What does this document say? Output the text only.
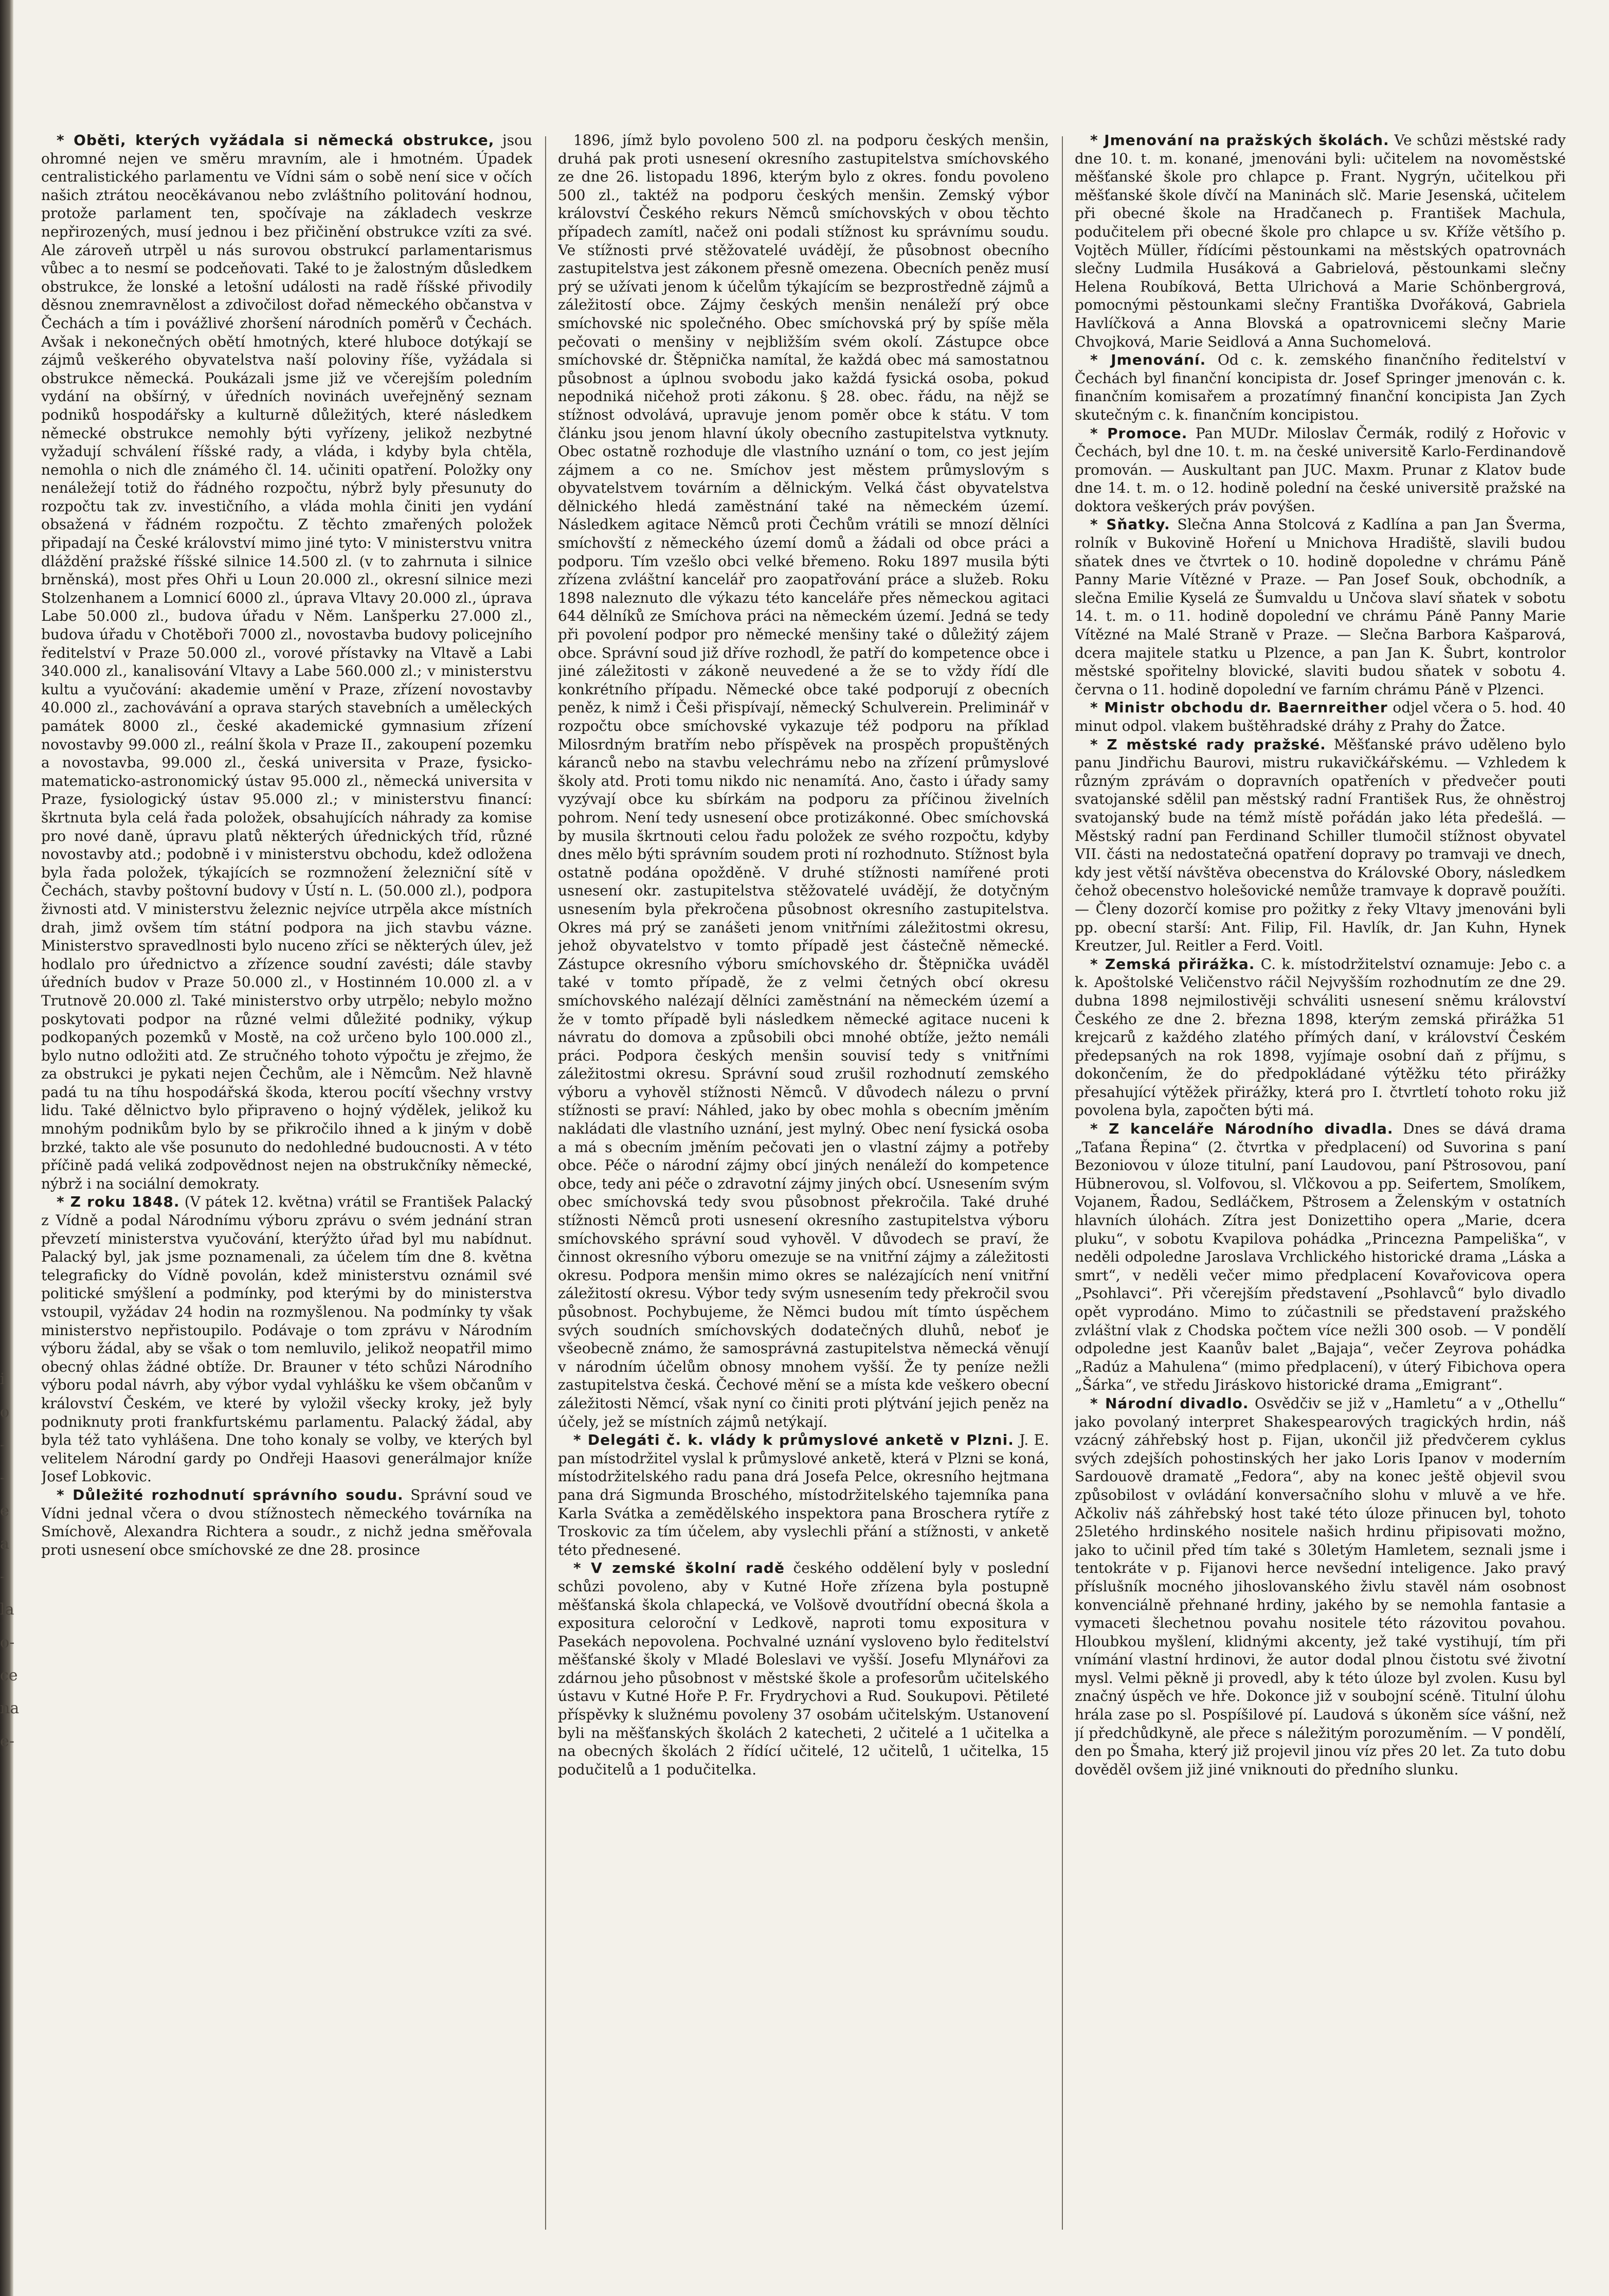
i
o
-
-
e
a
-
la
o-
ce
na
e-

* Oběti, kterých vyžádala si německá obstrukce, jsou ohromné nejen ve směru mravním, ale i hmotném. Úpadek centralistického parlamentu ve Vídni sám o sobě není sice v očích našich ztrátou neocěkávanou nebo zvláštního politování hodnou, protože parlament ten, spočívaje na základech veskrze nepřirozených, musí jednou i bez přičinění obstrukce vzíti za své. Ale zároveň utrpěl u nás surovou obstrukcí parlamentarismus vůbec a to nesmí se podceňovati. Také to je žalostným důsledkem obstrukce, že lonské a letošní události na radě říšské přivodily děsnou znemravnělost a zdivočilost dořad německého občanstva v Čechách a tím i povážlivé zhoršení národních poměrů v Čechách. Avšak i nekonečných obětí hmotných, které hluboce dotýkají se zájmů veškerého obyvatelstva naší poloviny říše, vyžádala si obstrukce německá. Poukázali jsme již ve včerejším poledním vydání na obšírný, v úředních novinách uveřejněný seznam podniků hospodářsky a kulturně důležitých, které následkem německé obstrukce nemohly býti vyřízeny, jelikož nezbytné vyžadují schválení říšské rady, a vláda, i kdyby byla chtěla, nemohla o nich dle známého čl. 14. učiniti opatření. Položky ony nenáležejí totiž do řádného rozpočtu, nýbrž byly přesunuty do rozpočtu tak zv. investičního, a vláda mohla činiti jen vydání obsažená v řádném rozpočtu. Z těchto zmařených položek připadají na České království mimo jiné tyto: V ministerstvu vnitra dláždění pražské říšské silnice 14.500 zl. (v to zahrnuta i silnice brněnská), most přes Ohři u Loun 20.000 zl., okresní silnice mezi Stolzenhanem a Lomnicí 6000 zl., úprava Vltavy 20.000 zl., úprava Labe 50.000 zl., budova úřadu v Něm. Lanšperku 27.000 zl., budova úřadu v Chotěboři 7000 zl., novostavba budovy policejního ředitelství v Praze 50.000 zl., vorové přístavky na Vltavě a Labi 340.000 zl., kanalisování Vltavy a Labe 560.000 zl.; v ministerstvu kultu a vyučování: akademie umění v Praze, zřízení novostavby 40.000 zl., zachovávání a oprava starých stavebních a uměleckých památek 8000 zl., české akademické gymnasium zřízení novostavby 99.000 zl., reální škola v Praze II., zakoupení pozemku a novostavba, 99.000 zl., česká universita v Praze, fysicko-matematicko-astronomický ústav 95.000 zl., německá universita v Praze, fysiologický ústav 95.000 zl.; v ministerstvu financí: škrtnuta byla celá řada položek, obsahujících náhrady za komise pro nové daně, úpravu platů některých úřednických tříd, různé novostavby atd.; podobně i v ministerstvu obchodu, kdež odložena byla řada položek, týkajících se rozmnožení železniční sítě v Čechách, stavby poštovní budovy v Ústí n. L. (50.000 zl.), podpora živnosti atd. V ministerstvu železnic nejvíce utrpěla akce místních drah, jimž ovšem tím státní podpora na jich stavbu vázne. Ministerstvo spravedlnosti bylo nuceno zříci se některých úlev, jež hodlalo pro úřednictvo a zřízence soudní zavésti; dále stavby úředních budov v Praze 50.000 zl., v Hostinném 10.000 zl. a v Trutnově 20.000 zl. Také ministerstvo orby utrpělo; nebylo možno poskytovati podpor na různé velmi důležité podniky, výkup podkopaných pozemků v Mostě, na což určeno bylo 100.000 zl., bylo nutno odložiti atd. Ze stručného tohoto výpočtu je zřejmo, že za obstrukci je pykati nejen Čechům, ale i Němcům. Než hlavně padá tu na tíhu hospodářská škoda, kterou pocítí všechny vrstvy lidu. Také dělnictvo bylo připraveno o hojný výdělek, jelikož ku mnohým podnikům bylo by se přikročilo ihned a k jiným v době brzké, takto ale vše posunuto do nedohledné budoucnosti. A v této příčině padá veliká zodpovědnost nejen na obstrukčníky německé, nýbrž i na sociální demokraty.

* Z roku 1848. (V pátek 12. května) vrátil se František Palacký z Vídně a podal Národnímu výboru zprávu o svém jednání stran převzetí ministerstva vyučování, kterýžto úřad byl mu nabídnut. Palacký byl, jak jsme poznamenali, za účelem tím dne 8. května telegraficky do Vídně povolán, kdež ministerstvu oznámil své politické smýšlení a podmínky, pod kterými by do ministerstva vstoupil, vyžádav 24 hodin na rozmyšlenou. Na podmínky ty však ministerstvo nepřistoupilo. Podávaje o tom zprávu v Národním výboru žádal, aby se však o tom nemluvilo, jelikož neopatřil mimo obecný ohlas žádné obtíže. Dr. Brauner v této schůzi Národního výboru podal návrh, aby výbor vydal vyhlášku ke všem občanům v království Českém, ve které by vyložil všecky kroky, jež byly podniknuty proti frankfurtskému parlamentu. Palacký žádal, aby byla též tato vyhlášena. Dne toho konaly se volby, ve kterých byl velitelem Národní gardy po Ondřeji Haasovi generálmajor kníže Josef Lobkovic.

* Důležité rozhodnutí správního soudu. Správní soud ve Vídni jednal včera o dvou stížnostech německého továrníka na Smíchově, Alexandra Richtera a soudr., z nichž jedna směřovala proti usnesení obce smíchovské ze dne 28. prosince

1896, jímž bylo povoleno 500 zl. na podporu českých menšin, druhá pak proti usnesení okresního zastupitelstva smíchovského ze dne 26. listopadu 1896, kterým bylo z okres. fondu povoleno 500 zl., taktéž na podporu českých menšin. Zemský výbor království Českého rekurs Němců smíchovských v obou těchto případech zamítl, načež oni podali stížnost ku správnímu soudu. Ve stížnosti prvé stěžovatelé uvádějí, že působnost obecního zastupitelstva jest zákonem přesně omezena. Obecních peněz musí prý se užívati jenom k účelům týkajícím se bezprostředně zájmů a záležitostí obce. Zájmy českých menšin nenáleží prý obce smíchovské nic společného. Obec smíchovská prý by spíše měla pečovati o menšiny v nejbližším svém okolí. Zástupce obce smíchovské dr. Štěpnička namítal, že každá obec má samostatnou působnost a úplnou svobodu jako každá fysická osoba, pokud nepodniká ničehož proti zákonu. § 28. obec. řádu, na nějž se stížnost odvolává, upravuje jenom poměr obce k státu. V tom článku jsou jenom hlavní úkoly obecního zastupitelstva vytknuty. Obec ostatně rozhoduje dle vlastního uznání o tom, co jest jejím zájmem a co ne. Smíchov jest městem průmyslovým s obyvatelstvem továrním a dělnickým. Velká část obyvatelstva dělnického hledá zaměstnání také na německém území. Následkem agitace Němců proti Čechům vrátili se mnozí dělníci smíchovští z německého území domů a žádali od obce práci a podporu. Tím vzešlo obci velké břemeno. Roku 1897 musila býti zřízena zvláštní kancelář pro zaopatřování práce a služeb. Roku 1898 naleznuto dle výkazu této kanceláře přes německou agitaci 644 dělníků ze Smíchova práci na německém území. Jedná se tedy při povolení podpor pro německé menšiny také o důležitý zájem obce. Správní soud již dříve rozhodl, že patří do kompetence obce i jiné záležitosti v zákoně neuvedené a že se to vždy řídí dle konkrétního případu. Německé obce také podporují z obecních peněz, k nimž i Češi přispívají, německý Schulverein. Preliminář v rozpočtu obce smíchovské vykazuje též podporu na příklad Milosrdným bratřím nebo příspěvek na prospěch propuštěných káranců nebo na stavbu velechrámu nebo na zřízení průmyslové školy atd. Proti tomu nikdo nic nenamítá. Ano, často i úřady samy vyzývají obce ku sbírkám na podporu za příčinou živelních pohrom. Není tedy usnesení obce protizákonné. Obec smíchovská by musila škrtnouti celou řadu položek ze svého rozpočtu, kdyby dnes mělo býti správním soudem proti ní rozhodnuto. Stížnost byla ostatně podána opožděně. V druhé stížnosti namířené proti usnesení okr. zastupitelstva stěžovatelé uvádějí, že dotyčným usnesením byla překročena působnost okresního zastupitelstva. Okres má prý se zanášeti jenom vnitřními záležitostmi okresu, jehož obyvatelstvo v tomto případě jest částečně německé. Zástupce okresního výboru smíchovského dr. Štěpnička uváděl také v tomto případě, že z velmi četných obcí okresu smíchovského nalézají dělníci zaměstnání na německém území a že v tomto případě byli následkem německé agitace nuceni k návratu do domova a způsobili obci mnohé obtíže, ježto nemáli práci. Podpora českých menšin souvisí tedy s vnitřními záležitostmi okresu. Správní soud zrušil rozhodnutí zemského výboru a vyhověl stížnosti Němců. V důvodech nálezu o první stížnosti se praví: Náhled, jako by obec mohla s obecním jměním nakládati dle vlastního uznání, jest mylný. Obec není fysická osoba a má s obecním jměním pečovati jen o vlastní zájmy a potřeby obce. Péče o národní zájmy obcí jiných nenáleží do kompetence obce, tedy ani péče o zdravotní zájmy jiných obcí. Usnesením svým obec smíchovská tedy svou působnost překročila. Také druhé stížnosti Němců proti usnesení okresního zastupitelstva výboru smíchovského správní soud vyhověl. V důvodech se praví, že činnost okresního výboru omezuje se na vnitřní zájmy a záležitosti okresu. Podpora menšin mimo okres se nalézajících není vnitřní záležitostí okresu. Výbor tedy svým usnesením tedy překročil svou působnost. Pochybujeme, že Němci budou mít tímto úspěchem svých soudních smíchovských dodatečných dluhů, neboť je všeobecně známo, že samosprávná zastupitelstva německá věnují v národním účelům obnosy mnohem vyšší. Že ty peníze nežli zastupitelstva česká. Čechové mění se a místa kde veškero obecní záležitosti Němcí, však nyní co činiti proti plýtvání jejich peněz na účely, jež se místních zájmů netýkají.

* Delegáti č. k. vlády k průmyslové anketě v Plzni. J. E. pan místodržitel vyslal k průmyslové anketě, která v Plzni se koná, místodržitelského radu pana drá Josefa Pelce, okresního hejtmana pana drá Sigmunda Broschého, místodržitelského tajemníka pana Karla Svátka a zemědělského inspektora pana Broschera rytíře z Troskovic za tím účelem, aby vyslechli přání a stížnosti, v anketě této přednesené.

* V zemské školní radě českého oddělení byly v poslední schůzi povoleno, aby v Kutné Hoře zřízena byla postupně měšťanská škola chlapecká, ve Volšově dvoutřídní obecná škola a expositura celoroční v Ledkově, naproti tomu expositura v Pasekách nepovolena. Pochvalné uznání vysloveno bylo ředitelství měšťanské školy v Mladé Boleslavi ve vyšší. Josefu Mlynářovi za zdárnou jeho působnost v městské škole a profesorům učitelského ústavu v Kutné Hoře P. Fr. Frydrychovi a Rud. Soukupovi. Pětileté příspěvky k služnému povoleny 37 osobám učitelským. Ustanovení byli na měšťanských školách 2 katecheti, 2 učitelé a 1 učitelka a na obecných školách 2 řídící učitelé, 12 učitelů, 1 učitelka, 15 podučitelů a 1 podučitelka.

* Jmenování na pražských školách. Ve schůzi městské rady dne 10. t. m. konané, jmenováni byli: učitelem na novoměstské měšťanské škole pro chlapce p. Frant. Nygrýn, učitelkou při měšťanské škole dívčí na Maninách slč. Marie Jesenská, učitelem při obecné škole na Hradčanech p. František Machula, podučitelem při obecné škole pro chlapce u sv. Kříže většího p. Vojtěch Müller, řídícími pěstounkami na městských opatrovnách slečny Ludmila Husáková a Gabrielová, pěstounkami slečny Helena Roubíková, Betta Ulrichová a Marie Schönbergrová, pomocnými pěstounkami slečny Františka Dvořáková, Gabriela Havlíčková a Anna Blovská a opatrovnicemi slečny Marie Chvojková, Marie Seidlová a Anna Suchomelová.

* Jmenování. Od c. k. zemského finančního ředitelství v Čechách byl finanční koncipista dr. Josef Springer jmenován c. k. finančním komisařem a prozatímný finanční koncipista Jan Zych skutečným c. k. finančním koncipistou.

* Promoce. Pan MUDr. Miloslav Čermák, rodilý z Hořovic v Čechách, byl dne 10. t. m. na české universitě Karlo-Ferdinandově promován. — Auskultant pan JUC. Maxm. Prunar z Klatov bude dne 14. t. m. o 12. hodině polední na české universitě pražské na doktora veškerých práv povýšen.

* Sňatky. Slečna Anna Stolcová z Kadlína a pan Jan Šverma, rolník v Bukovině Hoření u Mnichova Hradiště, slavili budou sňatek dnes ve čtvrtek o 10. hodině dopoledne v chrámu Páně Panny Marie Vítězné v Praze. — Pan Josef Souk, obchodník, a slečna Emilie Kyselá ze Šumvaldu u Unčova slaví sňatek v sobotu 14. t. m. o 11. hodině dopolední ve chrámu Páně Panny Marie Vítězné na Malé Straně v Praze. — Slečna Barbora Kašparová, dcera majitele statku u Plzence, a pan Jan K. Šubrt, kontrolor městské spořitelny blovické, slaviti budou sňatek v sobotu 4. června o 11. hodině dopolední ve farním chrámu Páně v Plzenci.

* Ministr obchodu dr. Baernreither odjel včera o 5. hod. 40 minut odpol. vlakem buštěhradské dráhy z Prahy do Žatce.

* Z městské rady pražské. Měšťanské právo uděleno bylo panu Jindřichu Baurovi, mistru rukavičkářskému. — Vzhledem k různým zprávám o dopravních opatřeních v předvečer pouti svatojanské sdělil pan městský radní František Rus, že ohněstroj svatojanský bude na témž místě pořádán jako léta předešlá. — Městský radní pan Ferdinand Schiller tlumočil stížnost obyvatel VII. části na nedostatečná opatření dopravy po tramvaji ve dnech, kdy jest větší návštěva obecenstva do Královské Obory, následkem čehož obecenstvo holešovické nemůže tramvaye k dopravě použíti. — Členy dozorčí komise pro požitky z řeky Vltavy jmenováni byli pp. obecní starší: Ant. Filip, Fil. Havlík, dr. Jan Kuhn, Hynek Kreutzer, Jul. Reitler a Ferd. Voitl.

* Zemská přirážka. C. k. místodržitelství oznamuje: Jebo c. a k. Apoštolské Veličenstvo ráčil Nejvyšším rozhodnutím ze dne 29. dubna 1898 nejmilostivěji schváliti usnesení sněmu království Českého ze dne 2. března 1898, kterým zemská přirážka 51 krejcarů z každého zlatého přímých daní, v království Českém předepsaných na rok 1898, vyjímaje osobní daň z příjmu, s dokončením, že do předpokládané výtěžku této přirážky přesahující výtěžek přirážky, která pro I. čtvrtletí tohoto roku již povolena byla, započten býti má.

* Z kanceláře Národního divadla. Dnes se dává drama „Taťana Řepina“ (2. čtvrtka v předplacení) od Suvorina s paní Bezoniovou v úloze titulní, paní Laudovou, paní Pštrosovou, paní Hübnerovou, sl. Volfovou, sl. Vlčkovou a pp. Seifertem, Smolíkem, Vojanem, Řadou, Sedláčkem, Pštrosem a Želenským v ostatních hlavních úlohách. Zítra jest Donizettiho opera „Marie, dcera pluku“, v sobotu Kvapilova pohádka „Princezna Pampeliška“, v neděli odpoledne Jaroslava Vrchlického historické drama „Láska a smrt“, v neděli večer mimo předplacení Kovařovicova opera „Psohlavci“. Při včerejším představení „Psohlavců“ bylo divadlo opět vyprodáno. Mimo to zúčastnili se představení pražského zvláštní vlak z Chodska počtem více nežli 300 osob. — V pondělí odpoledne jest Kaanův balet „Bajaja“, večer Zeyrova pohádka „Radúz a Mahulena“ (mimo předplacení), v úterý Fibichova opera „Šárka“, ve středu Jiráskovo historické drama „Emigrant“.

* Národní divadlo. Osvědčiv se již v „Hamletu“ a v „Othellu“ jako povolaný interpret Shakespearových tragických hrdin, náš vzácný záhřebský host p. Fijan, ukončil již předvčerem cyklus svých zdejších pohostinských her jako Loris Ipanov v moderním Sardouově dramatě „Fedora“, aby na konec ještě objevil svou způsobilost v ovládání konversačního slohu v mluvě a ve hře. Ačkoliv náš záhřebský host také této úloze přinucen byl, tohoto 25letého hrdinského nositele našich hrdinu připisovati možno, jako to učinil před tím také s 30letým Hamletem, seznali jsme i tentokráte v p. Fijanovi herce nevšední inteligence. Jako pravý příslušník mocného jihoslovanského živlu stavěl nám osobnost konvenciálně přehnané hrdiny, jakého by se nemohla fantasie a vymaceti šlechetnou povahu nositele této rázovitou povahou. Hloubkou myšlení, klidnými akcenty, jež také vystihují, tím při vnímání vlastní hrdinovi, že autor dodal plnou čistotu své životní mysl. Velmi pěkně ji provedl, aby k této úloze byl zvolen. Kusu byl značný úspěch ve hře. Dokonce již v soubojní scéně. Titulní úlohu hrála zase po sl. Pospíšilové pí. Laudová s úkoněm síce vášní, než jí předchůdkyně, ale přece s náležitým porozuměním. — V pondělí, den po Šmaha, který již projevil jinou víz přes 20 let. Za tuto dobu dověděl ovšem již jiné vniknouti do předního slunku.
